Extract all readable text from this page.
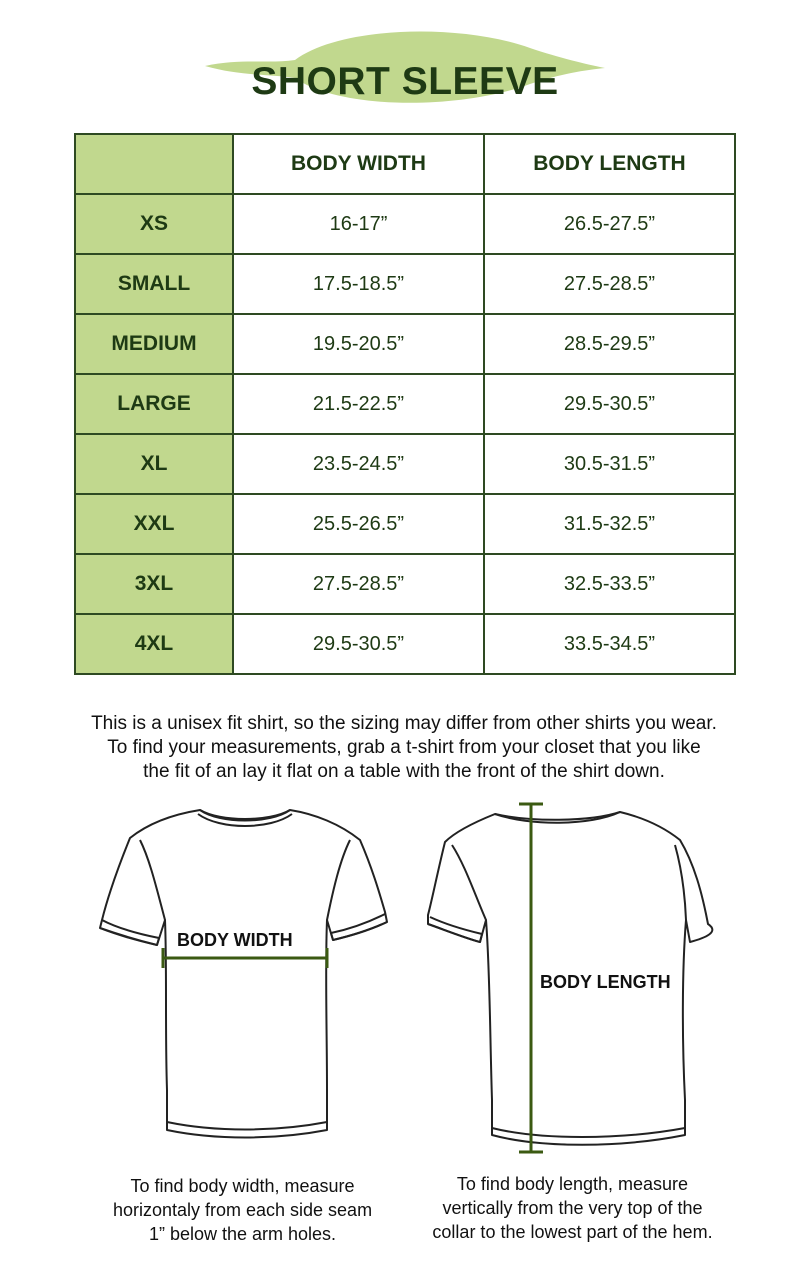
SHORT SLEEVE
	BODY WIDTH	BODY LENGTH
XS	16-17”	26.5-27.5”
SMALL	17.5-18.5”	27.5-28.5”
MEDIUM	19.5-20.5”	28.5-29.5”
LARGE	21.5-22.5”	29.5-30.5”
XL	23.5-24.5”	30.5-31.5”
XXL	25.5-26.5”	31.5-32.5”
3XL	27.5-28.5”	32.5-33.5”
4XL	29.5-30.5”	33.5-34.5”

This is a unisex fit shirt, so the sizing may differ from other shirts you wear.

To find your measurements, grab a t-shirt from your closet that you like

the fit of an lay it flat on a table with the front of the shirt down.

BODY WIDTH
BODY LENGTH

To find body width, measure

horizontaly from each side seam

1” below the arm holes.

To find body length, measure

vertically from the very top of the

collar to the lowest part of the hem.
